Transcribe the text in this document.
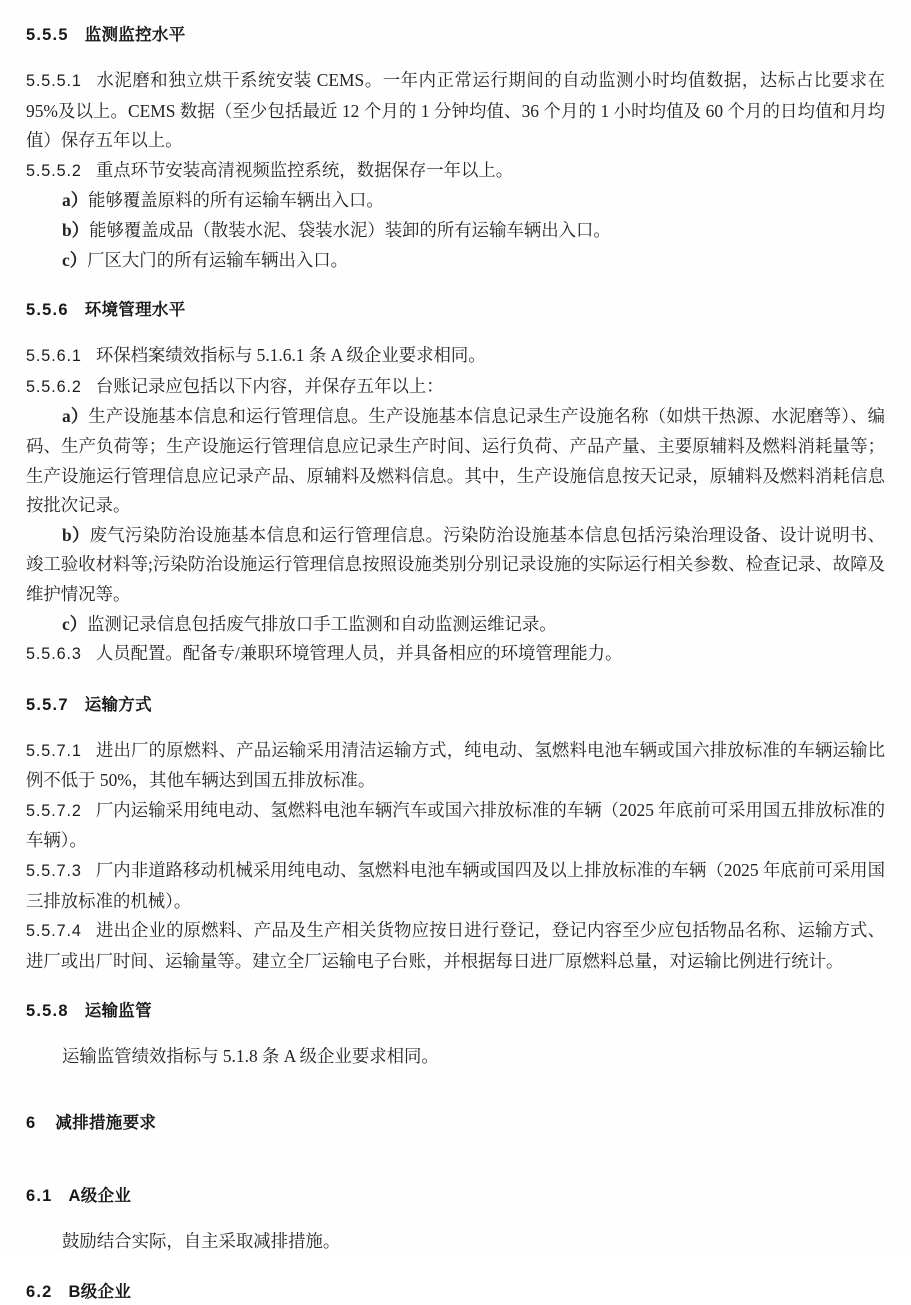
5.5.5 监测监控水平

5.5.5.1 水泥磨和独立烘干系统安装 CEMS。一年内正常运行期间的自动监测小时均值数据，达标占比要求在 95%及以上。CEMS 数据（至少包括最近 12 个月的 1 分钟均值、36 个月的 1 小时均值及 60 个月的日均值和月均值）保存五年以上。

5.5.5.2 重点环节安装高清视频监控系统，数据保存一年以上。

a）能够覆盖原料的所有运输车辆出入口。

b）能够覆盖成品（散装水泥、袋装水泥）装卸的所有运输车辆出入口。

c）厂区大门的所有运输车辆出入口。

5.5.6 环境管理水平

5.5.6.1 环保档案绩效指标与 5.1.6.1 条 A 级企业要求相同。

5.5.6.2 台账记录应包括以下内容，并保存五年以上：

a）生产设施基本信息和运行管理信息。生产设施基本信息记录生产设施名称（如烘干热源、水泥磨等）、编码、生产负荷等；生产设施运行管理信息应记录生产时间、运行负荷、产品产量、主要原辅料及燃料消耗量等；生产设施运行管理信息应记录产品、原辅料及燃料信息。其中，生产设施信息按天记录，原辅料及燃料消耗信息按批次记录。

b）废气污染防治设施基本信息和运行管理信息。污染防治设施基本信息包括污染治理设备、设计说明书、竣工验收材料等;污染防治设施运行管理信息按照设施类别分别记录设施的实际运行相关参数、检查记录、故障及维护情况等。

c）监测记录信息包括废气排放口手工监测和自动监测运维记录。

5.5.6.3 人员配置。配备专/兼职环境管理人员，并具备相应的环境管理能力。

5.5.7 运输方式

5.5.7.1 进出厂的原燃料、产品运输采用清洁运输方式，纯电动、氢燃料电池车辆或国六排放标准的车辆运输比例不低于 50%，其他车辆达到国五排放标准。

5.5.7.2 厂内运输采用纯电动、氢燃料电池车辆汽车或国六排放标准的车辆（2025 年底前可采用国五排放标准的车辆）。

5.5.7.3 厂内非道路移动机械采用纯电动、氢燃料电池车辆或国四及以上排放标准的车辆（2025 年底前可采用国三排放标准的机械）。

5.5.7.4 进出企业的原燃料、产品及生产相关货物应按日进行登记，登记内容至少应包括物品名称、运输方式、进厂或出厂时间、运输量等。建立全厂运输电子台账，并根据每日进厂原燃料总量，对运输比例进行统计。

5.5.8 运输监管

运输监管绩效指标与 5.1.8 条 A 级企业要求相同。

6 减排措施要求
6.1 A级企业

鼓励结合实际，自主采取减排措施。

6.2 B级企业
